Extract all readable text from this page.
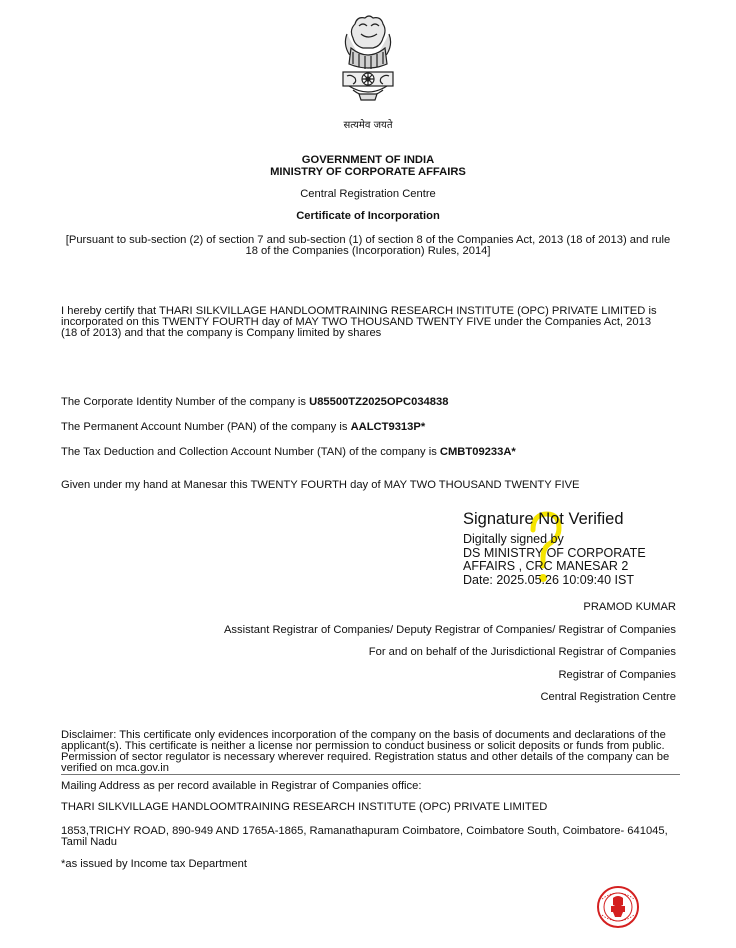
सत्यमेव जयते
GOVERNMENT OF INDIA
MINISTRY OF CORPORATE AFFAIRS
Central Registration Centre
Certificate of Incorporation
[Pursuant to sub-section (2) of section 7 and sub-section (1) of section 8 of the Companies Act, 2013 (18 of 2013) and rule
18 of the Companies (Incorporation) Rules, 2014]
I hereby certify that THARI SILKVILLAGE HANDLOOMTRAINING RESEARCH INSTITUTE (OPC) PRIVATE LIMITED is
incorporated on this TWENTY FOURTH day of MAY TWO THOUSAND TWENTY FIVE under the Companies Act, 2013
(18 of 2013) and that the company is Company limited by shares
The Corporate Identity Number of the company is U85500TZ2025OPC034838
The Permanent Account Number (PAN) of the company is AALCT9313P*
The Tax Deduction and Collection Account Number (TAN) of the company is CMBT09233A*
Given under my hand at Manesar this TWENTY FOURTH day of MAY TWO THOUSAND TWENTY FIVE
Signature Not Verified
Digitally signed by
DS MINISTRY OF CORPORATE
AFFAIRS , CRC MANESAR 2
Date: 2025.05.26 10:09:40 IST
PRAMOD KUMAR
Assistant Registrar of Companies/ Deputy Registrar of Companies/ Registrar of Companies
For and on behalf of the Jurisdictional Registrar of Companies
Registrar of Companies
Central Registration Centre
Disclaimer: This certificate only evidences incorporation of the company on the basis of documents and declarations of the
applicant(s). This certificate is neither a license nor permission to conduct business or solicit deposits or funds from public.
Permission of sector regulator is necessary wherever required. Registration status and other details of the company can be
verified on mca.gov.in
Mailing Address as per record available in Registrar of Companies office:
THARI SILKVILLAGE HANDLOOMTRAINING RESEARCH INSTITUTE (OPC) PRIVATE LIMITED
1853,TRICHY ROAD, 890-949 AND 1765A-1865, Ramanathapuram Coimbatore, Coimbatore South, Coimbatore- 641045,
Tamil Nadu
*as issued by Income tax Department
